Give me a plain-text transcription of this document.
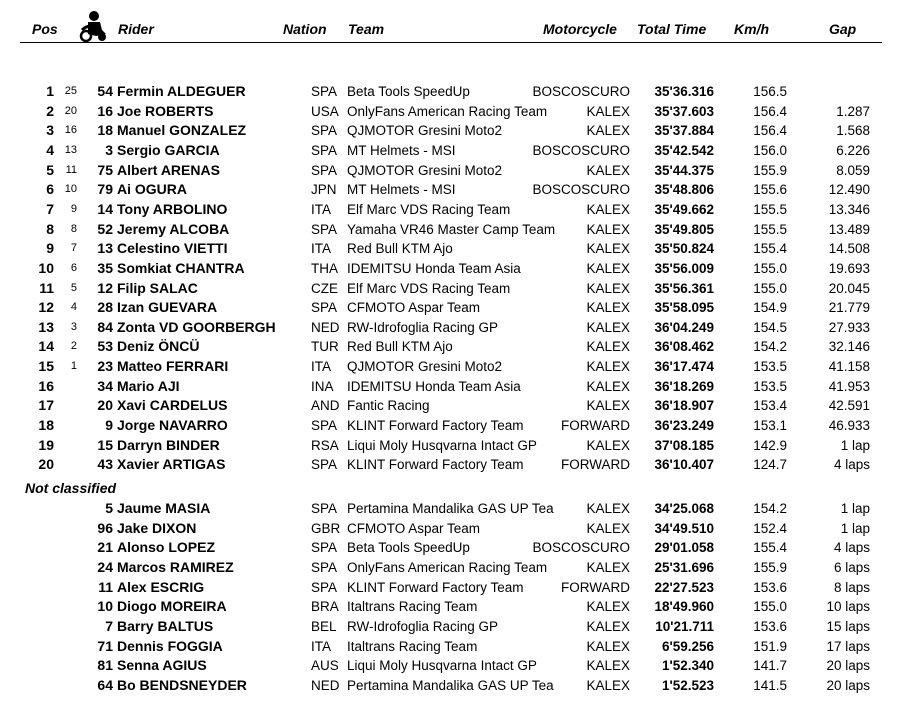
Pos	Rider	Nation Team	Motorcycle Total Time Km/h	Gap
1 25	54 Fermin ALDEGUER	SPA Beta Tools SpeedUp	BOSCOSCURO	35'36.316	156.5
2 20	16 Joe ROBERTS	USA OnlyFans American Racing Team	KALEX	35'37.603	156.4	1.287
3 16	18 Manuel GONZALEZ	SPA QJMOTOR Gresini Moto2	KALEX	35'37.884	156.4	1.568
4 13	3 Sergio GARCIA	SPA MT Helmets - MSI	BOSCOSCURO	35'42.542	156.0	6.226
5	11	75 Albert ARENAS	SPA QJMOTOR Gresini Moto2	KALEX	35'44.375	155.9	8.059
6 10	79 Ai OGURA	JPN MT Helmets - MSI	BOSCOSCURO	35'48.806	155.6	12.490
7	9	14 Tony ARBOLINO	ITA Elf Marc VDS Racing Team	KALEX	35'49.662	155.5	13.346
8	8	52 Jeremy ALCOBA	SPA Yamaha VR46 Master Camp Team	KALEX	35'49.805	155.5	13.489
9	7	13 Celestino VIETTI	ITA Red Bull KTM Ajo	KALEX	35'50.824	155.4	14.508
10	6	35 Somkiat CHANTRA	THA IDEMITSU Honda Team Asia	KALEX	35'56.009	155.0	19.693
11	5	12 Filip SALAC	CZE Elf Marc VDS Racing Team	KALEX	35'56.361	155.0	20.045
12	4	28 Izan GUEVARA	SPA CFMOTO Aspar Team	KALEX	35'58.095	154.9	21.779
13	3	84 Zonta VD GOORBERGH	NED RW-Idrofoglia Racing GP	KALEX	36'04.249	154.5	27.933
14	2	53 Deniz ÖNCÜ	TUR Red Bull KTM Ajo	KALEX	36'08.462	154.2	32.146
15	1	23 Matteo FERRARI	ITA QJMOTOR Gresini Moto2	KALEX	36'17.474	153.5	41.158
16	34 Mario AJI	INA IDEMITSU Honda Team Asia	KALEX	36'18.269	153.5	41.953
17	20 Xavi CARDELUS	AND Fantic Racing	KALEX	36'18.907	153.4	42.591
18	9 Jorge NAVARRO	SPA KLINT Forward Factory Team	FORWARD	36'23.249	153.1	46.933
19	15 Darryn BINDER	RSA Liqui Moly Husqvarna Intact GP	KALEX	37'08.185	142.9	1 lap
20	43 Xavier ARTIGAS	SPA KLINT Forward Factory Team	FORWARD	36'10.407	124.7	4 laps
Not classified
5 Jaume MASIA	SPA Pertamina Mandalika GAS UP Tea	KALEX	34'25.068	154.2	1 lap
96 Jake DIXON	GBR CFMOTO Aspar Team	KALEX	34'49.510	152.4	1 lap
21 Alonso LOPEZ	SPA Beta Tools SpeedUp	BOSCOSCURO	29'01.058	155.4	4 laps
24 Marcos RAMIREZ	SPA OnlyFans American Racing Team	KALEX	25'31.696	155.9	6 laps
11 Alex ESCRIG	SPA KLINT Forward Factory Team	FORWARD	22'27.523	153.6	8 laps
10 Diogo MOREIRA	BRA Italtrans Racing Team	KALEX	18'49.960	155.0	10 laps
7 Barry BALTUS	BEL RW-Idrofoglia Racing GP	KALEX	10'21.711	153.6	15 laps
71 Dennis FOGGIA	ITA Italtrans Racing Team	KALEX	6'59.256	151.9	17 laps
81 Senna AGIUS	AUS Liqui Moly Husqvarna Intact GP	KALEX	1'52.340	141.7	20 laps
64 Bo BENDSNEYDER	NED Pertamina Mandalika GAS UP Tea	KALEX	1'52.523	141.5	20 laps
